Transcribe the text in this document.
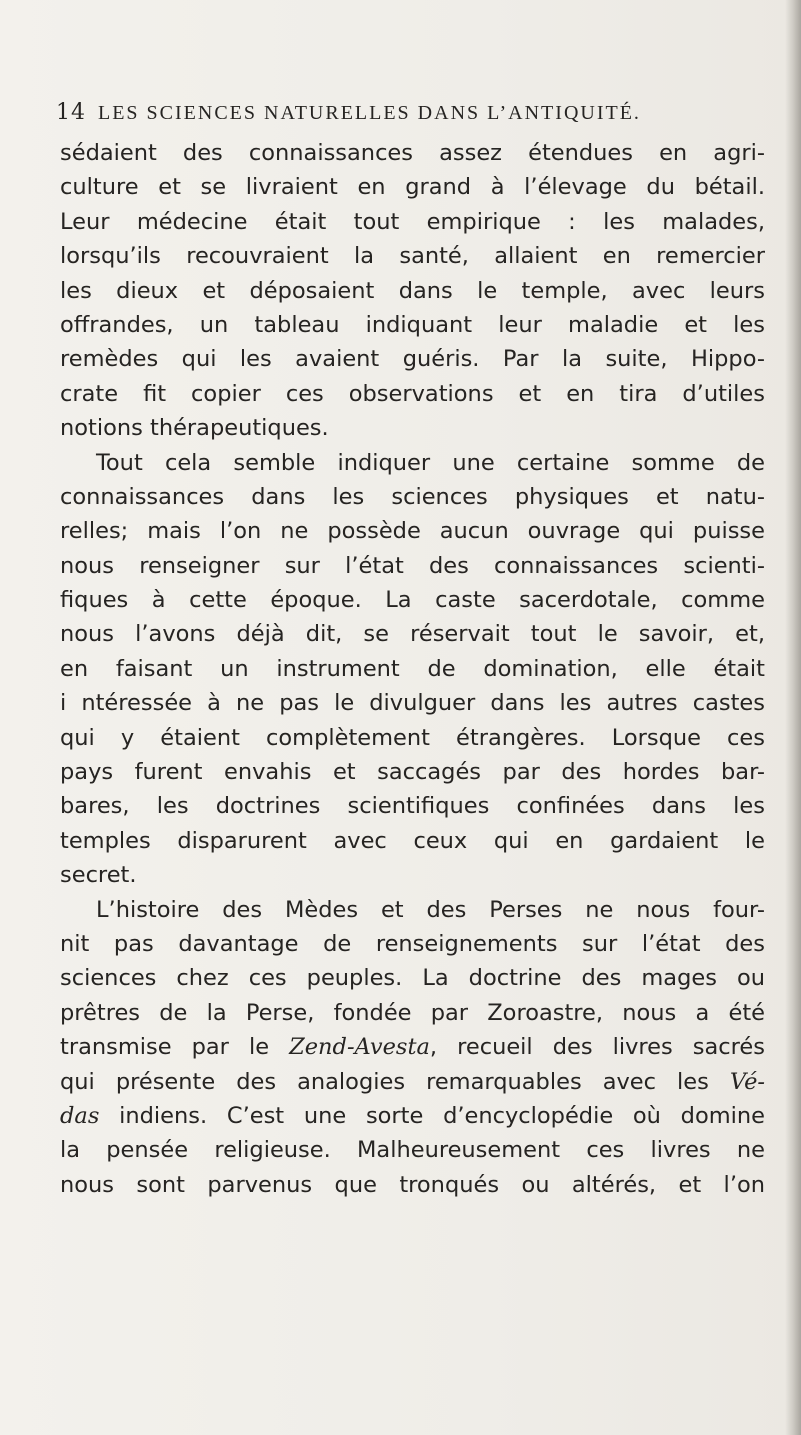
14 LES SCIENCES NATURELLES DANS L’ANTIQUITÉ.
sédaient des connaissances assez étendues en agri-
culture et se livraient en grand à l’élevage du bétail.
Leur médecine était tout empirique : les malades,
lorsqu’ils recouvraient la santé, allaient en remercier
les dieux et déposaient dans le temple, avec leurs
offrandes, un tableau indiquant leur maladie et les
remèdes qui les avaient guéris. Par la suite, Hippo-
crate fit copier ces observations et en tira d’utiles
notions thérapeutiques.
Tout cela semble indiquer une certaine somme de
connaissances dans les sciences physiques et natu-
relles; mais l’on ne possède aucun ouvrage qui puisse
nous renseigner sur l’état des connaissances scienti-
fiques à cette époque. La caste sacerdotale, comme
nous l’avons déjà dit, se réservait tout le savoir, et,
en faisant un instrument de domination, elle était
i ntéressée à ne pas le divulguer dans les autres castes
qui y étaient complètement étrangères. Lorsque ces
pays furent envahis et saccagés par des hordes bar-
bares, les doctrines scientifiques confinées dans les
temples disparurent avec ceux qui en gardaient le
secret.
L’histoire des Mèdes et des Perses ne nous four-
nit pas davantage de renseignements sur l’état des
sciences chez ces peuples. La doctrine des mages ou
prêtres de la Perse, fondée par Zoroastre, nous a été
transmise par le Zend-Avesta, recueil des livres sacrés
qui présente des analogies remarquables avec les Vé-
das indiens. C’est une sorte d’encyclopédie où domine
la pensée religieuse. Malheureusement ces livres ne
nous sont parvenus que tronqués ou altérés, et l’on
